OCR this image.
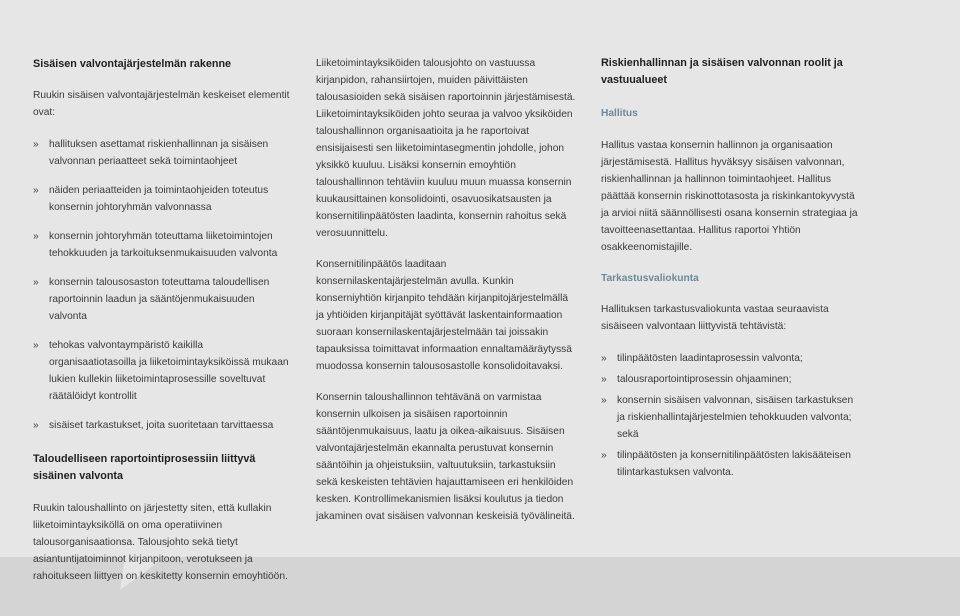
Sisäisen valvontajärjestelmän rakenne

Ruukin sisäisen valvontajärjestelmän keskeiset elementit ovat:

» hallituksen asettamat riskienhallinnan ja sisäisen valvonnan periaatteet sekä toimintaohjeet
» näiden periaatteiden ja toimintaohjeiden toteutus konsernin johtoryhmän valvonnassa
» konsernin johtoryhmän toteuttama liiketoimintojen tehokkuuden ja tarkoituksenmukaisuuden valvonta
» konsernin talousosaston toteuttama taloudellisen raportoinnin laadun ja sääntöjenmukaisuuden valvonta
» tehokas valvontaympäristö kaikilla organisaatiotasoilla ja liiketoimintayksiköissä mukaan lukien kullekin liiketoimintaprosessille soveltuvat räätälöidyt kontrollit
» sisäiset tarkastukset, joita suoritetaan tarvittaessa
Taloudelliseen raportointiprosessiin liittyvä sisäinen valvonta

Ruukin taloushallinto on järjestetty siten, että kullakin liiketoimintayksiköllä on oma operatiivinen talousorganisaationsa. Talousjohto sekä tietyt asiantuntijatoiminnot kirjanpitoon, verotukseen ja rahoitukseen liittyen on keskitetty konsernin emoyhtiöön.

Liiketoimintayksiköiden talousjohto on vastuussa kirjanpidon, rahansiirtojen, muiden päivittäisten talousasioiden sekä sisäisen raportoinnin järjestämisestä. Liiketoimintayksiköiden johto seuraa ja valvoo yksiköiden taloushallinnon organisaatioita ja he raportoivat ensisijaisesti sen liiketoimintasegmentin johdolle, johon yksikkö kuuluu. Lisäksi konsernin emoyhtiön taloushallinnon tehtäviin kuuluu muun muassa konsernin kuukausittainen konsolidointi, osavuosikatsausten ja konsernitilinpäätösten laadinta, konsernin rahoitus sekä verosuunnittelu.

Konsernitilinpäätös laaditaan konsernilaskentajärjestelmän avulla. Kunkin konserniyhtiön kirjanpito tehdään kirjanpitojärjestelmällä ja yhtiöiden kirjanpitäjät syöttävät laskentainformaation suoraan konsernilaskentajärjestelmään tai joissakin tapauksissa toimittavat informaation ennaltamääräytyssä muodossa konsernin talousosastolle konsolidoitavaksi.

Konsernin taloushallinnon tehtävänä on varmistaa konsernin ulkoisen ja sisäisen raportoinnin sääntöjenmukaisuus, laatu ja oikea-aikaisuus. Sisäisen valvontajärjestelmän ekannalta perustuvat konsernin sääntöihin ja ohjeistuksiin, valtuutuksiin, tarkastuksiin sekä keskeisten tehtävien hajauttamiseen eri henkilöiden kesken. Kontrollimekanismien lisäksi koulutus ja tiedon jakaminen ovat sisäisen valvonnan keskeisiä työvälineitä.

Riskienhallinnan ja sisäisen valvonnan roolit ja vastuualueet
Hallitus

Hallitus vastaa konsernin hallinnon ja organisaation järjestämisestä. Hallitus hyväksyy sisäisen valvonnan, riskienhallinnan ja hallinnon toimintaohjeet. Hallitus päättää konsernin riskinottotasosta ja riskinkantokyvystä ja arvioi niitä säännöllisesti osana konsernin strategiaa ja tavoitteenasettantaa. Hallitus raportoi Yhtiön osakkeenomistajille.

Tarkastusvaliokunta

Hallituksen tarkastusvaliokunta vastaa seuraavista sisäiseen valvontaan liittyvistä tehtävistä:

» tilinpäätösten laadintaprosessin valvonta;
» talousraportointiprosessin ohjaaminen;
» konsernin sisäisen valvonnan, sisäisen tarkastuksen ja riskienhallintajärjestelmien tehokkuuden valvonta; sekä
» tilinpäätösten ja konsernitilinpäätösten lakisääteisen tilintarkastuksen valvonta.
